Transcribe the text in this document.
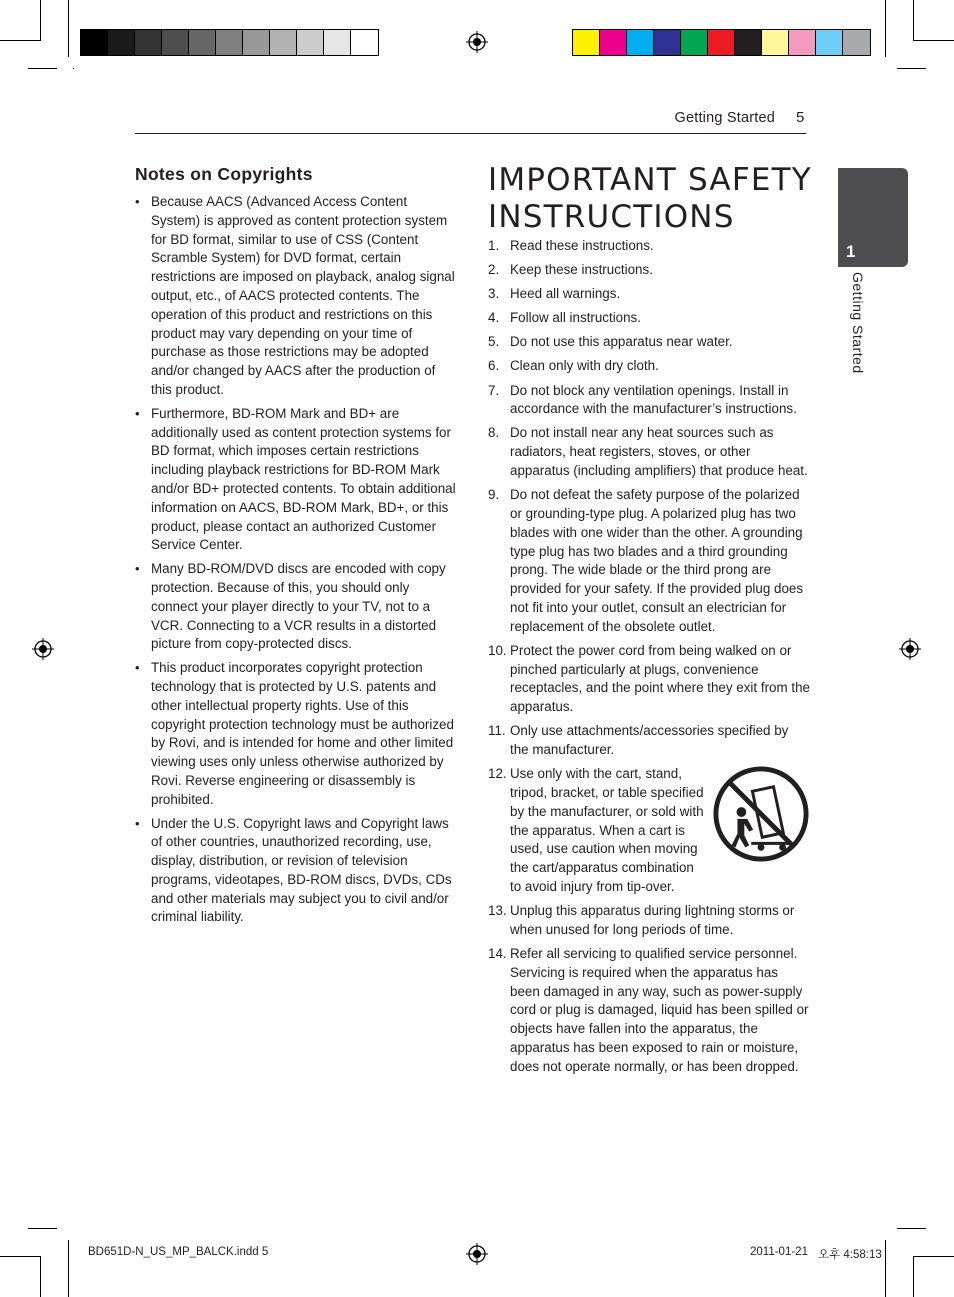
Getting Started 5
1
Getting Started
Notes on Copyrights
• Because AACS (Advanced Access Content System) is approved as content protection system for BD format, similar to use of CSS (Content Scramble System) for DVD format, certain restrictions are imposed on playback, analog signal output, etc., of AACS protected contents. The operation of this product and restrictions on this product may vary depending on your time of purchase as those restrictions may be adopted and/or changed by AACS after the production of this product.
• Furthermore, BD-ROM Mark and BD+ are additionally used as content protection systems for BD format, which imposes certain restrictions including playback restrictions for BD-ROM Mark and/or BD+ protected contents. To obtain additional information on AACS, BD-ROM Mark, BD+, or this product, please contact an authorized Customer Service Center.
• Many BD-ROM/DVD discs are encoded with copy protection. Because of this, you should only connect your player directly to your TV, not to a VCR. Connecting to a VCR results in a distorted picture from copy-protected discs.
• This product incorporates copyright protection technology that is protected by U.S. patents and other intellectual property rights. Use of this copyright protection technology must be authorized by Rovi, and is intended for home and other limited viewing uses only unless otherwise authorized by Rovi. Reverse engineering or disassembly is prohibited.
• Under the U.S. Copyright laws and Copyright laws of other countries, unauthorized recording, use, display, distribution, or revision of television programs, videotapes, BD-ROM discs, DVDs, CDs and other materials may subject you to civil and/or criminal liability.
IMPORTANT SAFETY
INSTRUCTIONS
1. Read these instructions.
2. Keep these instructions.
3. Heed all warnings.
4. Follow all instructions.
5. Do not use this apparatus near water.
6. Clean only with dry cloth.
7. Do not block any ventilation openings. Install in accordance with the manufacturer’s instructions.
8. Do not install near any heat sources such as radiators, heat registers, stoves, or other apparatus (including amplifiers) that produce heat.
9. Do not defeat the safety purpose of the polarized or grounding-type plug. A polarized plug has two blades with one wider than the other. A grounding type plug has two blades and a third grounding prong. The wide blade or the third prong are provided for your safety. If the provided plug does not fit into your outlet, consult an electrician for replacement of the obsolete outlet.
10. Protect the power cord from being walked on or pinched particularly at plugs, convenience receptacles, and the point where they exit from the apparatus.
11. Only use attachments/accessories specified by the manufacturer.
12. Use only with the cart, stand, tripod, bracket, or table specified by the manufacturer, or sold with the apparatus. When a cart is used, use caution when moving the cart/apparatus combination to avoid injury from tip-over.
13. Unplug this apparatus during lightning storms or when unused for long periods of time.
14. Refer all servicing to qualified service personnel. Servicing is required when the apparatus has been damaged in any way, such as power-supply cord or plug is damaged, liquid has been spilled or objects have fallen into the apparatus, the apparatus has been exposed to rain or moisture, does not operate normally, or has been dropped.
BD651D-N_US_MP_BALCK.indd 5	2011-01-21 오후 4:58:13
